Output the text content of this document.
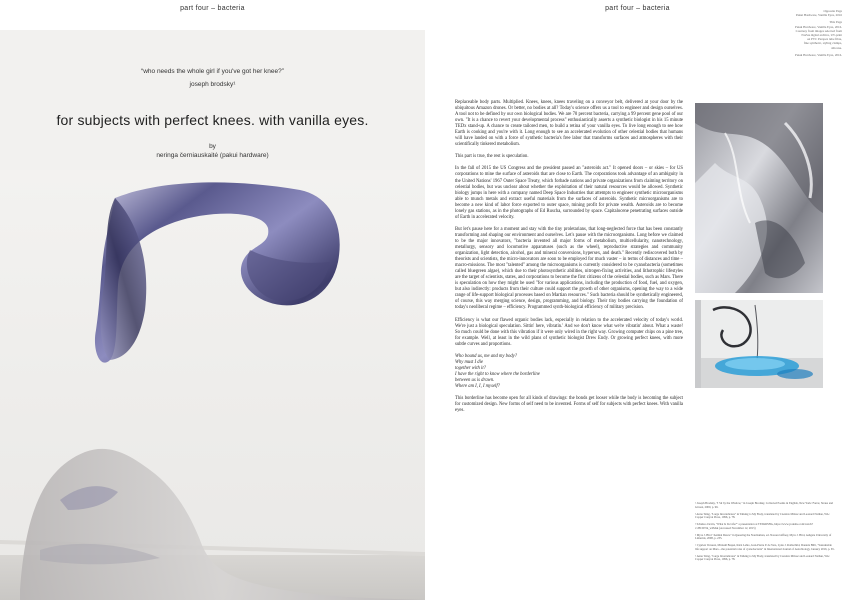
part four – bacteria
“who needs the whole girl if you've got her knee?”
joseph brodsky¹
for subjects with perfect knees. with vanilla eyes.
by
neringa černiauskaitė (pakui hardware)
part four – bacteria	Opposite Page
Pakui Hardware, Vanilla Eyes, 2016
This Page
Pakui Hardware, Vanilla Eyes, 2016.
Courtesy from images selected from
NASA digital archive, UV-print
on PVC Perspex tube fibre,
fine synthetic, styling clamps,
silicone.
Pakui Hardware, Vanilla Eyes, 2016.

Replaceable body parts. Multiplied. Knees, knees, knees traveling on a conveyor belt, delivered at your door by the ubiquitous Amazon drones. Or better, no bodies at all? Today's science offers us a tool to engineer and design ourselves. A tool not to be defined by our own biological bodies. We are 70 percent bacteria, carrying a 99 percent gene pool of our own. "It is a chance to revert your developmental process" enthusiastically asserts a synthetic biologist in his 15 minute TEDx stand-up. A chance to create tailored men, to build a retina of your vanilla eyes. To live long enough to see how Earth is cooking and you're with it. Long enough to see an accelerated evolution of other celestial bodies that humans will have landed on with a force of synthetic bacteria's free labor that transforms surfaces and atmospheres with their scientifically tinkered metabolism.

This part is true, the rest is speculation.

In the fall of 2015 the US Congress and the president passed an "asteroids act." It opened doors – or skies – for US corporations to mine the surface of asteroids that are close to Earth. The corporations took advantage of an ambiguity in the United Nations' 1967 Outer Space Treaty, which forbade nations and private organizations from claiming territory on celestial bodies, but was unclear about whether the exploitation of their natural resources would be allowed. Synthetic biology jumps in here with a company named Deep Space Industries that attempts to engineer synthetic microorganisms able to munch metals and extract useful materials from the surfaces of asteroids. Synthetic microorganisms are to become a new kind of labor force exported to outer space, mining profit for private wealth. Asteroids are to become lonely gas stations, as in the photographs of Ed Ruscha, surrounded by space. Capitalocene penetrating surfaces outside of Earth in accelerated velocity.

But let's pause here for a moment and stay with the tiny proletarians, that long-neglected force that has been constantly transforming and shaping our environment and ourselves. Let's pause with the microorganisms. Long before we claimed to be the major innovators, "bacteria invented all major forms of metabolism, multicellularity, nanotechnology, metallurgy, sensory and locomotive apparatuses (such as the wheel), reproductive strategies and community organization, light detection, alcohol, gas and mineral conversions, hypersex, and death." Recently rediscovered both by theorists and scientists, the micro-innovators are soon to be employed for much vaster – in terms of distances and time – macro-missions. The most "talented" among the microorganisms is currently considered to be cyanobacteria (sometimes called bluegreen algae), which due to their photosynthetic abilities, nitrogen-fixing activities, and lithotrophic lifestyles are the target of scientists, states, and corporations to become the first citizens of the celestial bodies, such as Mars. There is speculation on how they might be used "for various applications, including the production of food, fuel, and oxygen, but also indirectly: products from their culture could support the growth of other organisms, opening the way to a wide range of life-support biological processes based on Martian resources." Such bacteria should be synthetically engineered, of course, this way merging science, design, programming, and biology. Their tiny bodies carrying the foundation of today's neoliberal regime – efficiency. Programmed synth-biological efficiency of military precision.

Efficiency is what our flawed organic bodies lack, especially in relation to the accelerated velocity of today's world. We're just a biological speculation. Sittin' here, vibratin.' And we don't know what we're vibratin' about. What a waste! So much could be done with this vibration if it were only wired in the right way. Growing computer chips on a pine tree, for example. Well, at least in the wild plans of synthetic biologist Drew Endy. Or growing perfect knees, with more subtle curves and proportions.

Who bound us, me and my body?
Why must I die
together with it?
I have the right to know where the borderline
between us is drawn.
Where am I, I, I myself?

This borderline has become open for all kinds of drawings: the bonds get looser while the body is becoming the subject for customized design. New forms of self need to be invented. Forms of self for subjects with perfect knees. With vanilla eyes.

¹ Joseph Brodsky, "I Sit by the Window," in Joseph Brodsky, Collected Poems in English, New York: Farrar, Straus and Giroux, 2000, p. 96.

² Anna Tsing, "Large Invertebrates" in Talking to My Body, translated by Czesław Miłosz and Leonard Nathan, WA: Copper Canyon Press, 1996, p. 78.

³ Schulze-Clevin, "What Is Its Life?" a presentation at TEDxRSHA, https://www.youtube.com/watch?v=HCDTm_wbMsk (Accessed November 12, 2015)

⁴ Myra J. Hird "Animal Dance" in Queering the Non/human, ed. Noreen Giffney, Myra J. Hird, Ashgate University of Limerick, 2008, p. 235.

⁵ Cyprien Verseux, Mickaël Baqué, Kirsi Lehto, Jean-Pierre P. de Vera, Lynn J. Rothschild, Daniela Billi, "Sustainable life support on Mars—the potential roles of cyanobacteria" in International Journal of Astrobiology, January 2016, p. 65.

⁶ Anna Tsing, "Large Invertebrates" in Talking to My Body, translated by Czesław Miłosz and Leonard Nathan, WA: Copper Canyon Press, 1996, p. 78.
